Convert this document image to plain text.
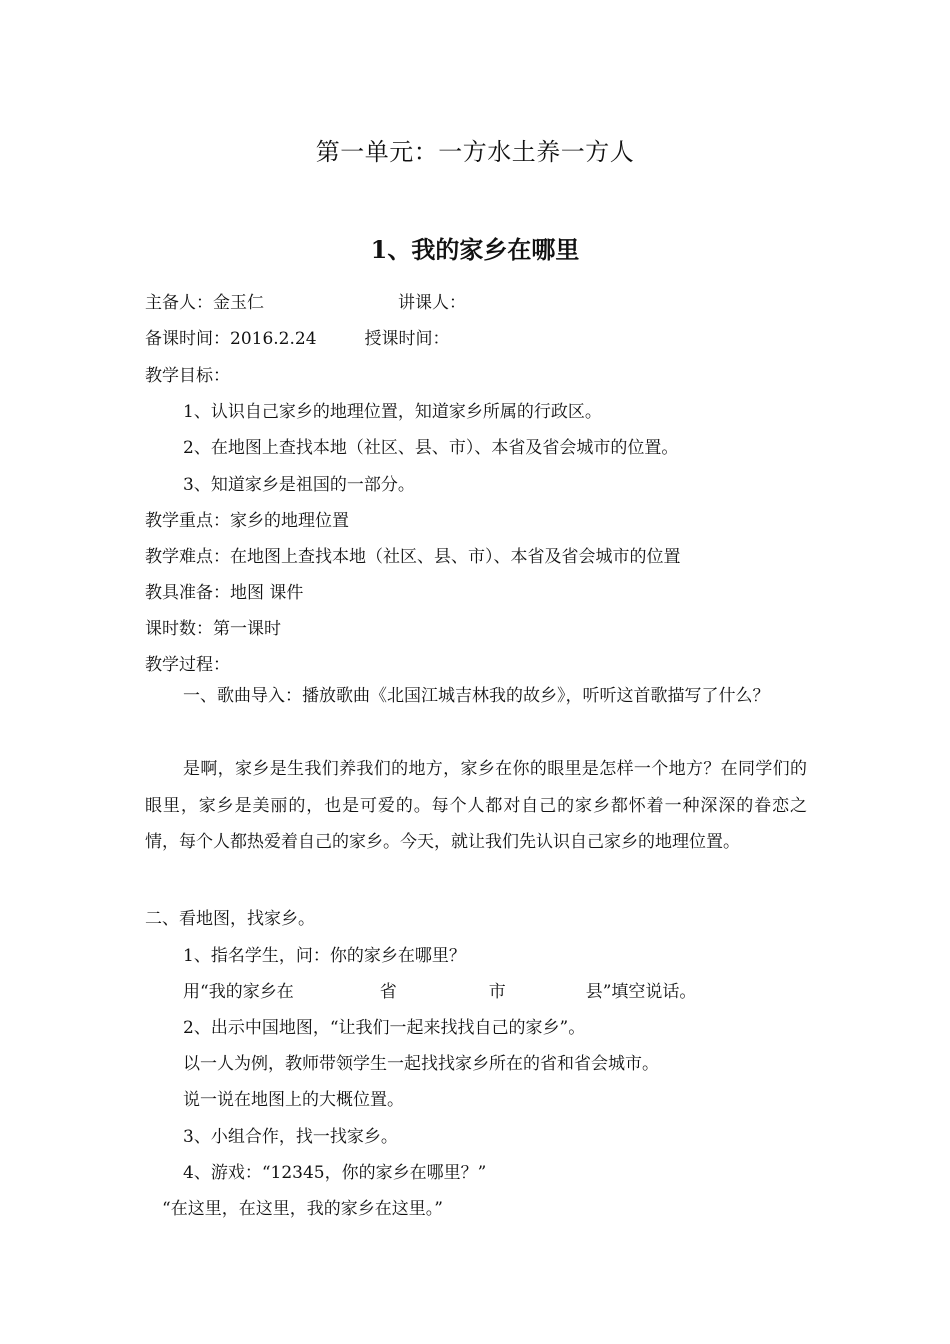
第一单元：一方水土养一方人
1、我的家乡在哪里
主备人：金玉仁	讲课人：
备课时间：2016.2.24	授课时间：
教学目标：
1、认识自己家乡的地理位置，知道家乡所属的行政区。
2、在地图上查找本地（社区、县、市）、本省及省会城市的位置。
3、知道家乡是祖国的一部分。
教学重点：家乡的地理位置
教学难点：在地图上查找本地（社区、县、市）、本省及省会城市的位置
教具准备：地图 课件
课时数：第一课时
教学过程：
一、歌曲导入：播放歌曲《北国江城吉林我的故乡》，听听这首歌描写了什么？
是啊，家乡是生我们养我们的地方，家乡在你的眼里是怎样一个地方？在同学们的眼里，家乡是美丽的，也是可爱的。每个人都对自己的家乡都怀着一种深深的眷恋之情，每个人都热爱着自己的家乡。今天，就让我们先认识自己家乡的地理位置。
二、看地图，找家乡。
1、指名学生，问：你的家乡在哪里？
用“我的家乡在	省	市	县”填空说话。
2、出示中国地图，“让我们一起来找找自己的家乡”。
以一人为例，教师带领学生一起找找家乡所在的省和省会城市。
说一说在地图上的大概位置。
3、小组合作，找一找家乡。
4、游戏：“12345，你的家乡在哪里？”
“在这里，在这里，我的家乡在这里。”
